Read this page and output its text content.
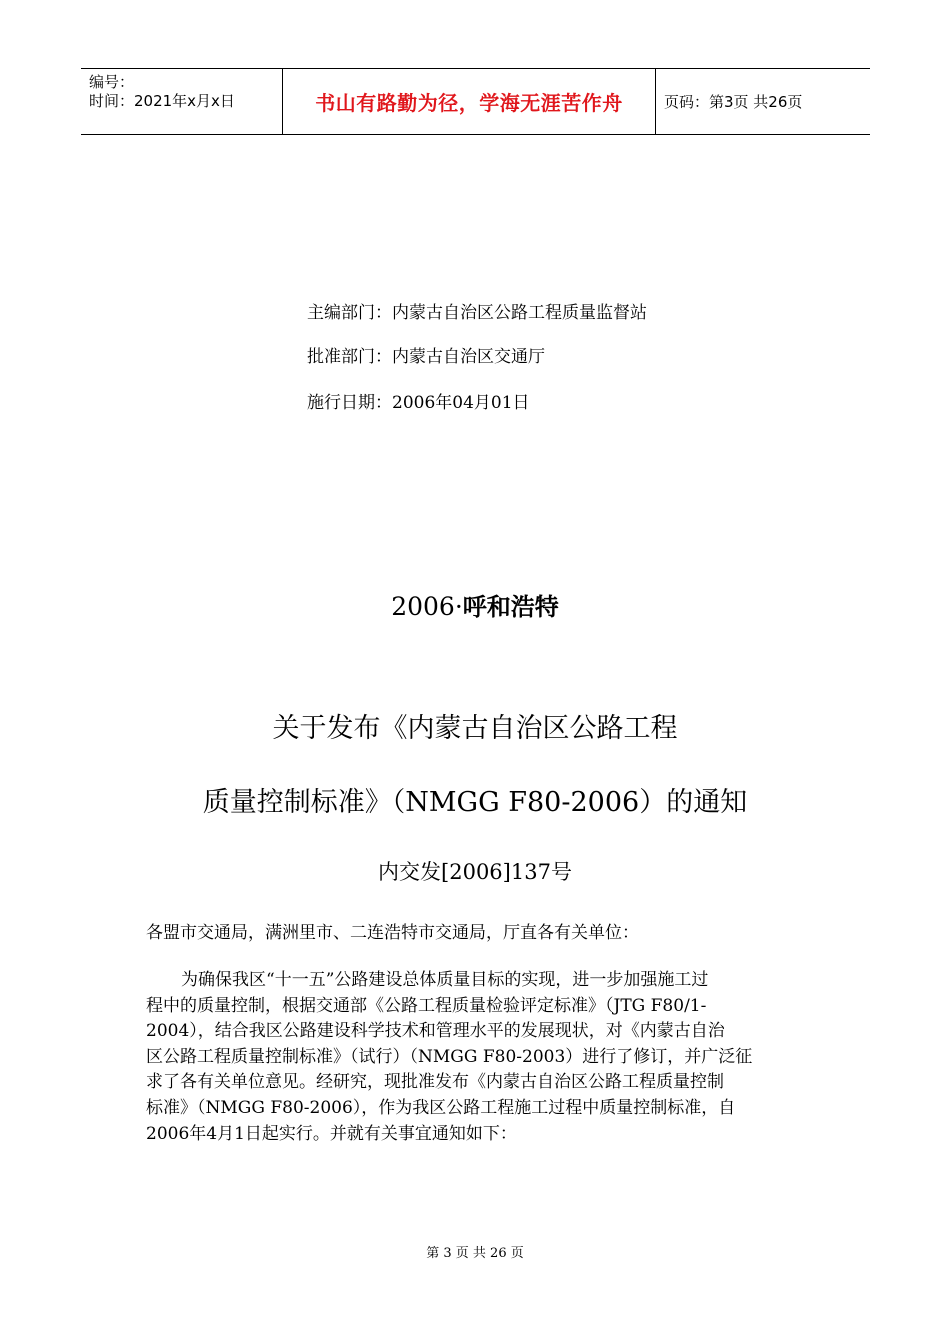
编号：
时间：2021年x月x日	书山有路勤为径，学海无涯苦作舟	页码：第3页 共26页
主编部门：内蒙古自治区公路工程质量监督站
批准部门：内蒙古自治区交通厅
施行日期：2006年04月01日
2006·呼和浩特
关于发布《内蒙古自治区公路工程
质量控制标准》（NMGG F80-2006）的通知
内交发[2006]137号
各盟市交通局，满洲里市、二连浩特市交通局，厅直各有关单位：
为确保我区“十一五”公路建设总体质量目标的实现，进一步加强施工过
程中的质量控制，根据交通部《公路工程质量检验评定标准》（JTG F80/1-
2004），结合我区公路建设科学技术和管理水平的发展现状，对《内蒙古自治
区公路工程质量控制标准》（试行）（NMGG F80-2003）进行了修订，并广泛征
求了各有关单位意见。经研究，现批准发布《内蒙古自治区公路工程质量控制
标准》（NMGG F80-2006），作为我区公路工程施工过程中质量控制标准，自
2006年4月1日起实行。并就有关事宜通知如下：
第 3 页 共 26 页
